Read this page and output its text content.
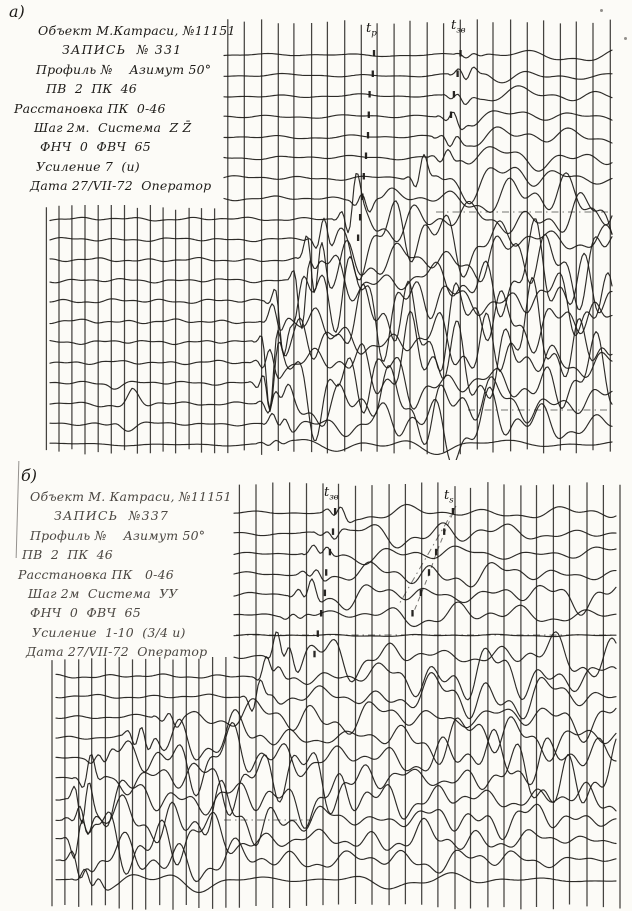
а)
Объект М.Катраси, №11151
ЗАПИСЬ  № 331
Профиль №    Азимут 50°
ПВ  2  ПК  46
Расстановка ПК  0-46
Шаг 2м.  Система  Z Z̄
ФНЧ  0  ФВЧ  65
Усиление 7  (и)
Дата 27/VII-72  Оператор
$t_р$
$t_{зв}$
б)
Объект М. Катраси, №11151
ЗАПИСЬ  №337
Профиль №    Азимут 50°
ПВ  2  ПК  46
Расстановка ПК   0-46
Шаг 2м  Система  УУ
ФНЧ  0  ФВЧ  65
Усиление  1-10  (3/4 и)
Дата 27/VII-72  Оператор
$t_{зв}$	$t_s$
